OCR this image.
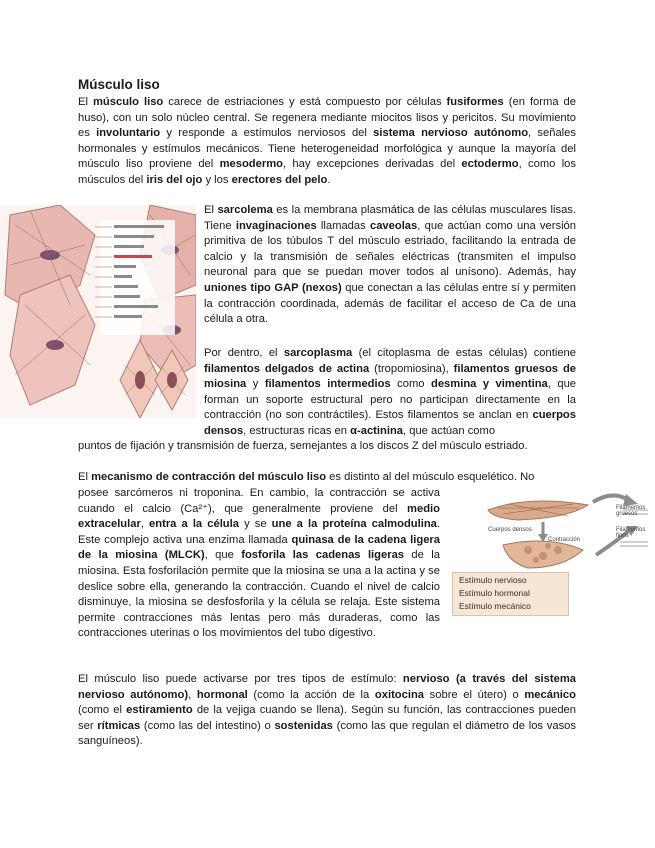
Músculo liso

El músculo liso carece de estriaciones y está compuesto por células fusiformes (en forma de huso), con un solo núcleo central. Se regenera mediante miocitos lisos y pericitos. Su movimiento es involuntario y responde a estímulos nerviosos del sistema nervioso autónomo, señales hormonales y estímulos mecánicos. Tiene heterogeneidad morfológica y aunque la mayoría del músculo liso proviene del mesodermo, hay excepciones derivadas del ectodermo, como los músculos del iris del ojo y los erectores del pelo.

El sarcolema es la membrana plasmática de las células musculares lisas. Tiene invaginaciones llamadas caveolas, que actúan como una versión primitiva de los túbulos T del músculo estriado, facilitando la entrada de calcio y la transmisión de señales eléctricas (transmiten el impulso neuronal para que se puedan mover todos al unísono). Además, hay uniones tipo GAP (nexos) que conectan a las células entre sí y permiten la contracción coordinada, además de facilitar el acceso de Ca de una célula a otra.

Por dentro, el sarcoplasma (el citoplasma de estas células) contiene filamentos delgados de actina (tropomiosina), filamentos gruesos de miosina y filamentos intermedios como desmina y vimentina, que forman un soporte estructural pero no participan directamente en la contracción (no son contráctiles). Estos filamentos se anclan en cuerpos densos, estructuras ricas en α-actinina, que actúan como

puntos de fijación y transmisión de fuerza, semejantes a los discos Z del músculo estriado.

El mecanismo de contracción del músculo liso es distinto al del músculo esquelético. No

posee sarcómeros ni troponina. En cambio, la contracción se activa cuando el calcio (Ca²⁺), que generalmente proviene del medio extracelular, entra a la célula y se une a la proteína calmodulina. Este complejo activa una enzima llamada quinasa de la cadena ligera de la miosina (MLCK), que fosforila las cadenas ligeras de la miosina. Esta fosforilación permite que la miosina se una a la actina y se deslice sobre ella, generando la contracción. Cuando el nivel de calcio disminuye, la miosina se desfosforila y la célula se relaja. Este sistema permite contracciones más lentas pero más duraderas, como las contracciones uterinas o los movimientos del tubo digestivo.

Cuerpos densos
Contracción
Filamentos gruesos
Filamentos finos
Estímulo nervioso
Estímulo hormonal
Estímulo mecánico

El músculo liso puede activarse por tres tipos de estímulo: nervioso (a través del sistema nervioso autónomo), hormonal (como la acción de la oxitocina sobre el útero) o mecánico (como el estiramiento de la vejiga cuando se llena). Según su función, las contracciones pueden ser rítmicas (como las del intestino) o sostenidas (como las que regulan el diámetro de los vasos sanguíneos).
